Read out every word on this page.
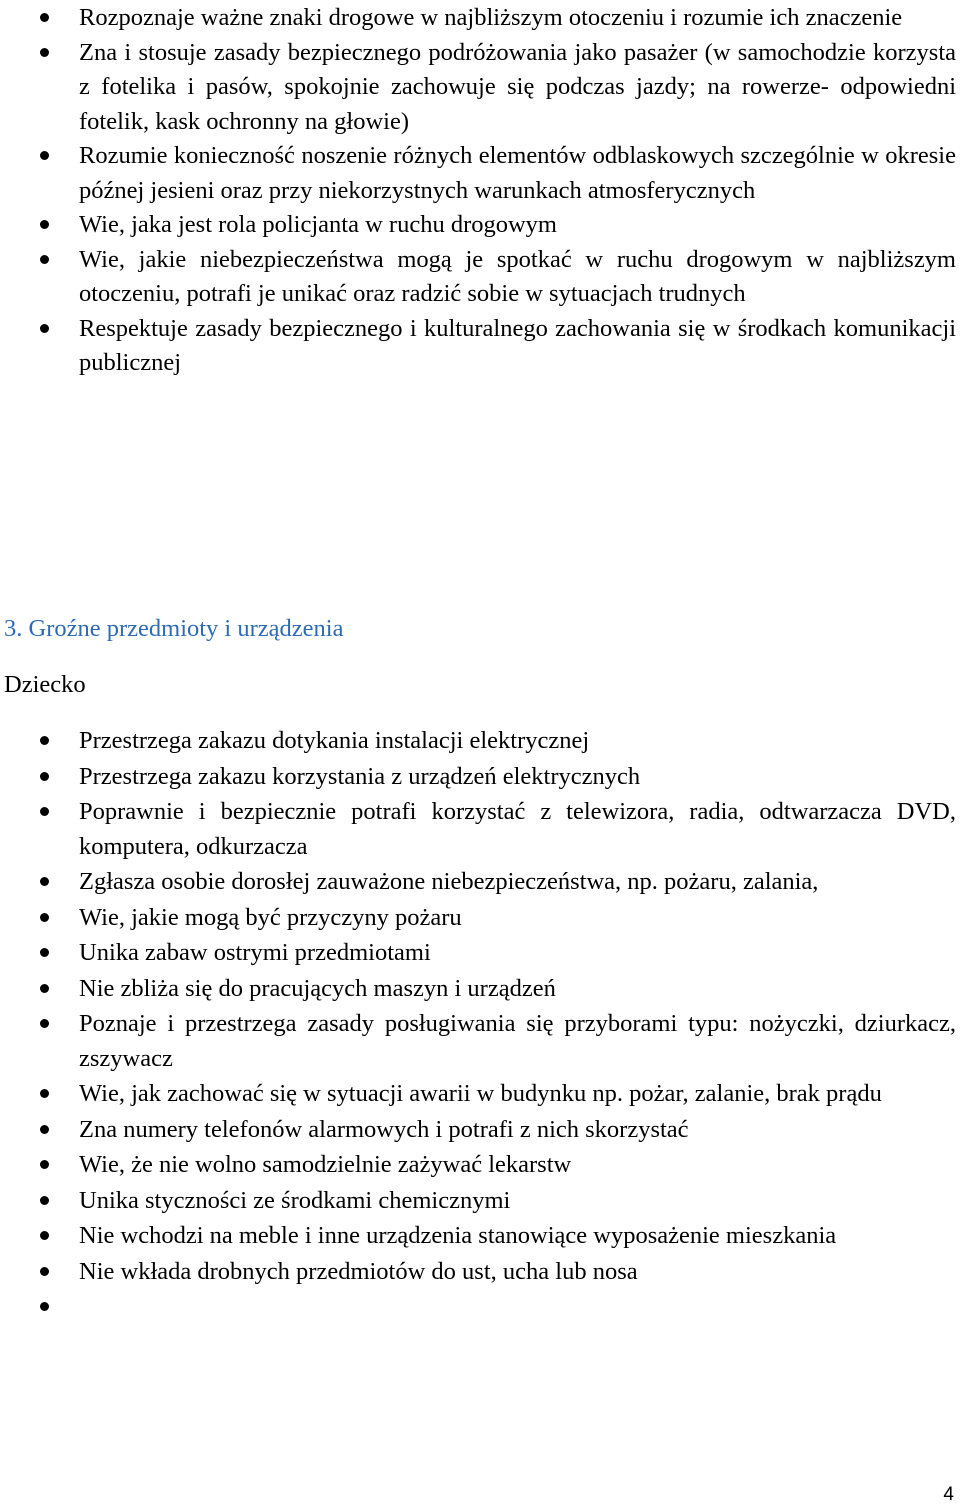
Rozpoznaje ważne znaki drogowe w najbliższym otoczeniu i rozumie ich znaczenie
Zna i stosuje zasady bezpiecznego podróżowania jako pasażer (w samochodzie korzysta z fotelika i pasów, spokojnie zachowuje się podczas jazdy; na rowerze- odpowiedni fotelik, kask ochronny na głowie)
Rozumie konieczność noszenie różnych elementów odblaskowych szczególnie w okresie późnej jesieni oraz przy niekorzystnych warunkach atmosferycznych
Wie, jaka jest rola policjanta w ruchu drogowym
Wie, jakie niebezpieczeństwa mogą je spotkać w ruchu drogowym w najbliższym otoczeniu, potrafi je unikać oraz radzić sobie w sytuacjach trudnych
Respektuje zasady bezpiecznego i kulturalnego zachowania się w środkach komunikacji publicznej
3. Groźne przedmioty i urządzenia
Dziecko
Przestrzega zakazu dotykania instalacji elektrycznej
Przestrzega zakazu korzystania z urządzeń elektrycznych
Poprawnie i bezpiecznie potrafi korzystać z telewizora, radia, odtwarzacza DVD, komputera, odkurzacza
Zgłasza osobie dorosłej zauważone niebezpieczeństwa, np. pożaru, zalania,
Wie, jakie mogą być przyczyny pożaru
Unika zabaw ostrymi przedmiotami
Nie zbliża się do pracujących maszyn i urządzeń
Poznaje i przestrzega zasady posługiwania się przyborami typu: nożyczki, dziurkacz, zszywacz
Wie, jak zachować się w sytuacji awarii w budynku np. pożar, zalanie, brak prądu
Zna numery telefonów alarmowych i potrafi z nich skorzystać
Wie, że nie wolno samodzielnie zażywać lekarstw
Unika styczności ze środkami chemicznymi
Nie wchodzi na meble i inne urządzenia stanowiące wyposażenie mieszkania
Nie wkłada drobnych przedmiotów do ust, ucha lub nosa
4
